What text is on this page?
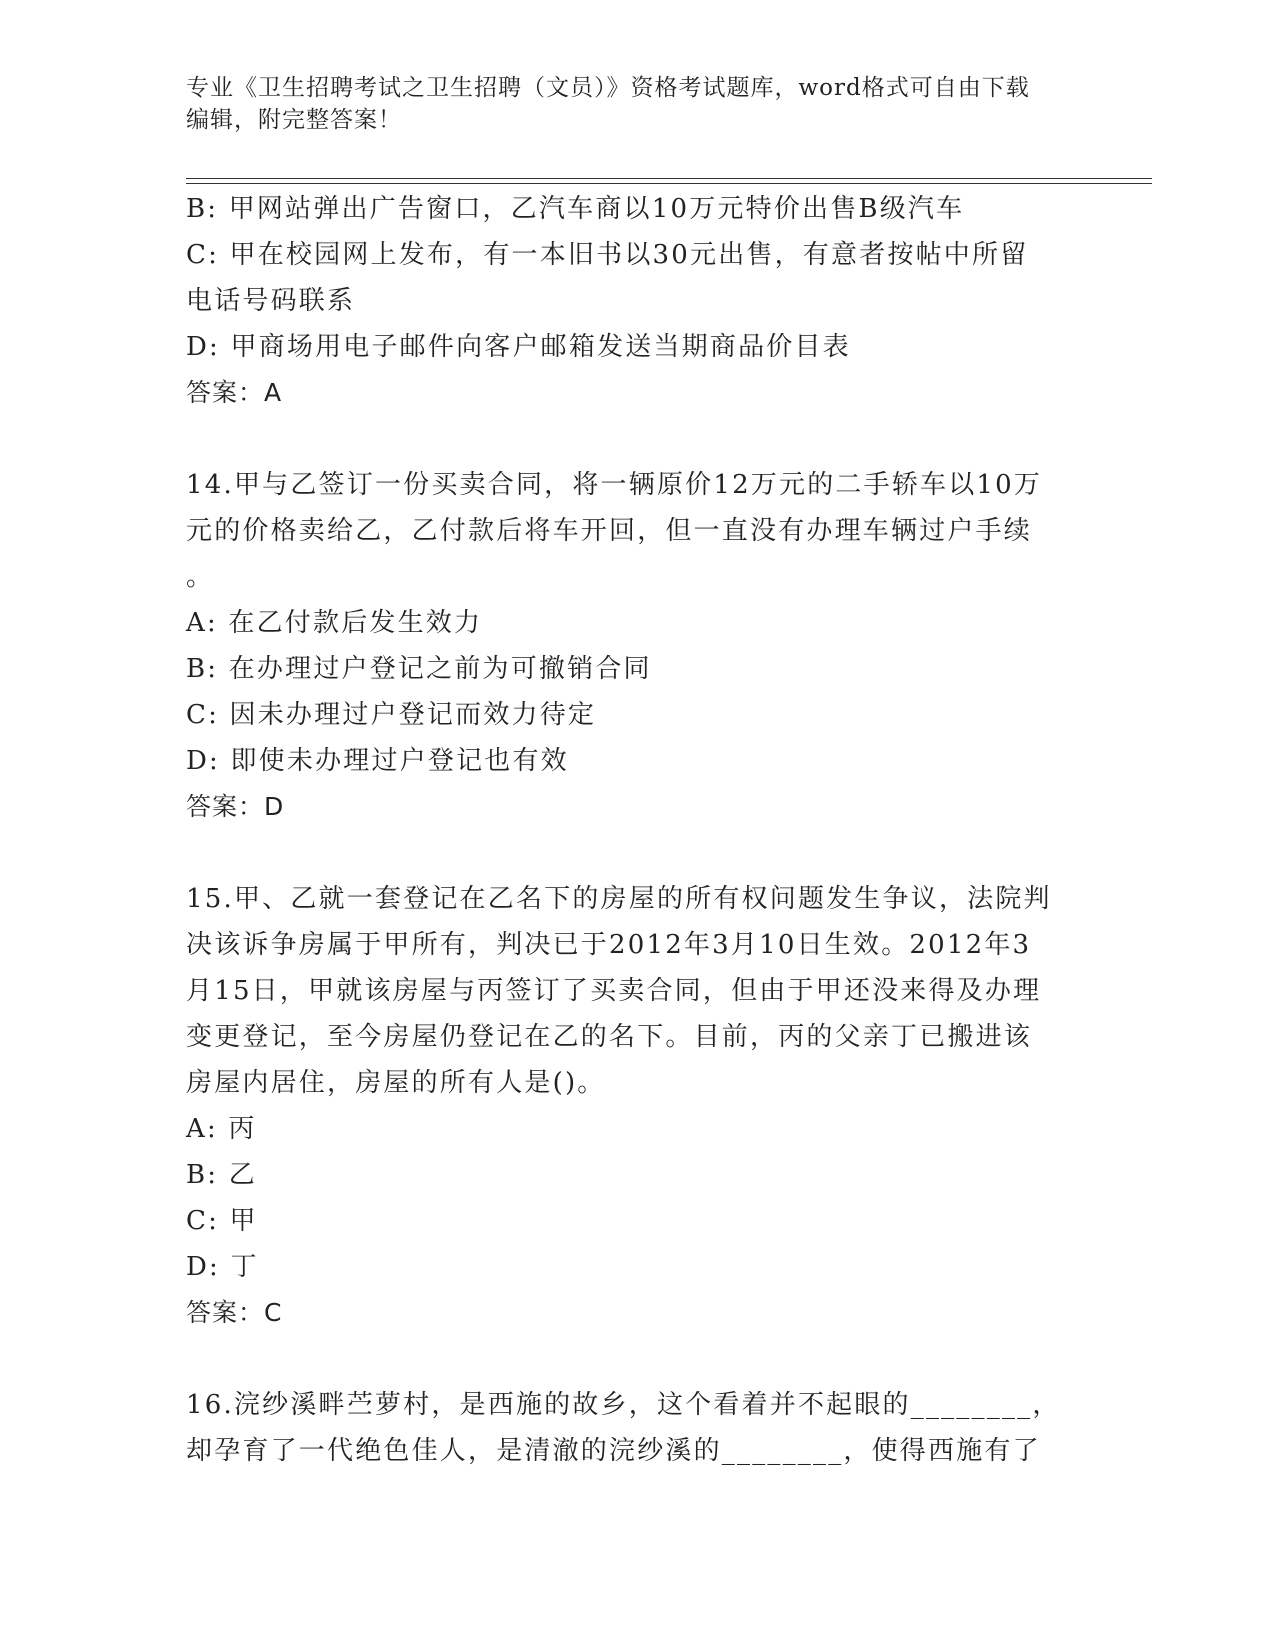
专业《卫生招聘考试之卫生招聘（文员）》资格考试题库，word格式可自由下载
编辑，附完整答案！
B: 甲网站弹出广告窗口，乙汽车商以10万元特价出售B级汽车
C: 甲在校园网上发布，有一本旧书以30元出售，有意者按帖中所留
电话号码联系
D: 甲商场用电子邮件向客户邮箱发送当期商品价目表
答案：A
14.甲与乙签订一份买卖合同，将一辆原价12万元的二手轿车以10万
元的价格卖给乙，乙付款后将车开回，但一直没有办理车辆过户手续
。
A: 在乙付款后发生效力
B: 在办理过户登记之前为可撤销合同
C: 因未办理过户登记而效力待定
D: 即使未办理过户登记也有效
答案：D
15.甲、乙就一套登记在乙名下的房屋的所有权问题发生争议，法院判
决该诉争房属于甲所有，判决已于2012年3月10日生效。2012年3
月15日，甲就该房屋与丙签订了买卖合同，但由于甲还没来得及办理
变更登记，至今房屋仍登记在乙的名下。目前，丙的父亲丁已搬进该
房屋内居住，房屋的所有人是()。
A: 丙
B: 乙
C: 甲
D: 丁
答案：C
16.浣纱溪畔苎萝村，是西施的故乡，这个看着并不起眼的________，
却孕育了一代绝色佳人，是清澈的浣纱溪的________，使得西施有了
